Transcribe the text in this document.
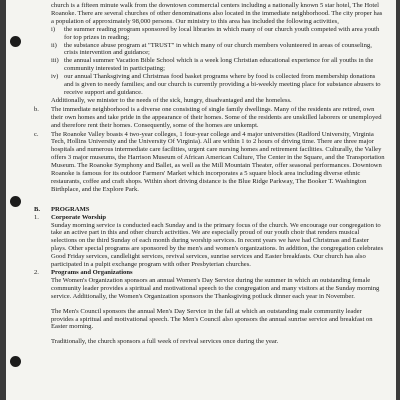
church is a fifteen minute walk from the downtown commercial centers including a nationally known 5 star hotel, The Hotel Roanoke. There are several churches of other denominations also located in the immediate neighborhood. The city proper has a population of approximately 98,000 persons. Our ministry to this area has included the following activities,

i) the summer reading program sponsored by local libraries in which many of our church youth competed with area youth for top prizes in reading;
ii) the substance abuse program at "TRUST" in which many of our church members volunteered in areas of counseling, crisis intervention and guidance;
iii) the annual summer Vacation Bible School which is a week long Christian educational experience for all youths in the community interested in participating;
iv) our annual Thanksgiving and Christmas food basket programs where by food is collected from membership donations and is given to needy families; and our church is currently providing a bi-weekly meeting place for substance abusers to receive support and guidance.

Additionally, we minister to the needs of the sick, hungry, disadvantaged and the homeless.

b. The immediate neighborhood is a diverse one consisting of single family dwellings. Many of the residents are retired, own their own homes and take pride in the appearance of their homes. Some of the residents are unskilled laborers or unemployed and therefore rent their homes. Consequently, some of the homes are unkempt.
c. The Roanoke Valley boasts 4 two-year colleges, 1 four-year college and 4 major universities (Radford University, Virginia Tech, Hollins University and the University Of Virginia). All are within 1 to 2 hours of driving time. There are three major hospitals and numerous intermediate care facilities, urgent care nursing homes and retirement facilities. Culturally, the Valley offers 3 major museums, the Harrison Museum of African American Culture, The Center in the Square, and the Transportation Museum. The Roanoke Symphony and Ballet, as well as the Mill Mountain Theater, offer seasonal performances. Downtown Roanoke is famous for its outdoor Farmers' Market which incorporates a 5 square block area including diverse ethnic restaurants, coffee and craft shops. Within short driving distance is the Blue Ridge Parkway, The Booker T. Washington Birthplace, and the Explore Park.
B. PROGRAMS
1. Corporate Worship
Sunday morning service is conducted each Sunday and is the primary focus of the church. We encourage our congregation to take an active part in this and other church activities. We are especially proud of our youth choir that renders musical selections on the third Sunday of each month during worship services. In recent years we have had Christmas and Easter plays. Other special programs are sponsored by the men's and women's organizations. In addition, the congregation celebrates Good Friday services, candlelight services, revival services, sunrise services and Easter breakfasts. Our church has also participated in a pulpit exchange program with other Presbyterian churches.
2. Programs and Organizations
The Women's Organization sponsors an annual Women's Day Service during the summer in which an outstanding female community leader provides a spiritual and motivational speech to the congregation and many visitors at the Sunday morning service. Additionally, the Women's Organization sponsors the Thanksgiving potluck dinner each year in November.
The Men's Council sponsors the annual Men's Day Service in the fall at which an outstanding male community leader provides a spiritual and motivational speech. The Men's Council also sponsors the annual sunrise service and breakfast on Easter morning.
Traditionally, the church sponsors a full week of revival services once during the year.
